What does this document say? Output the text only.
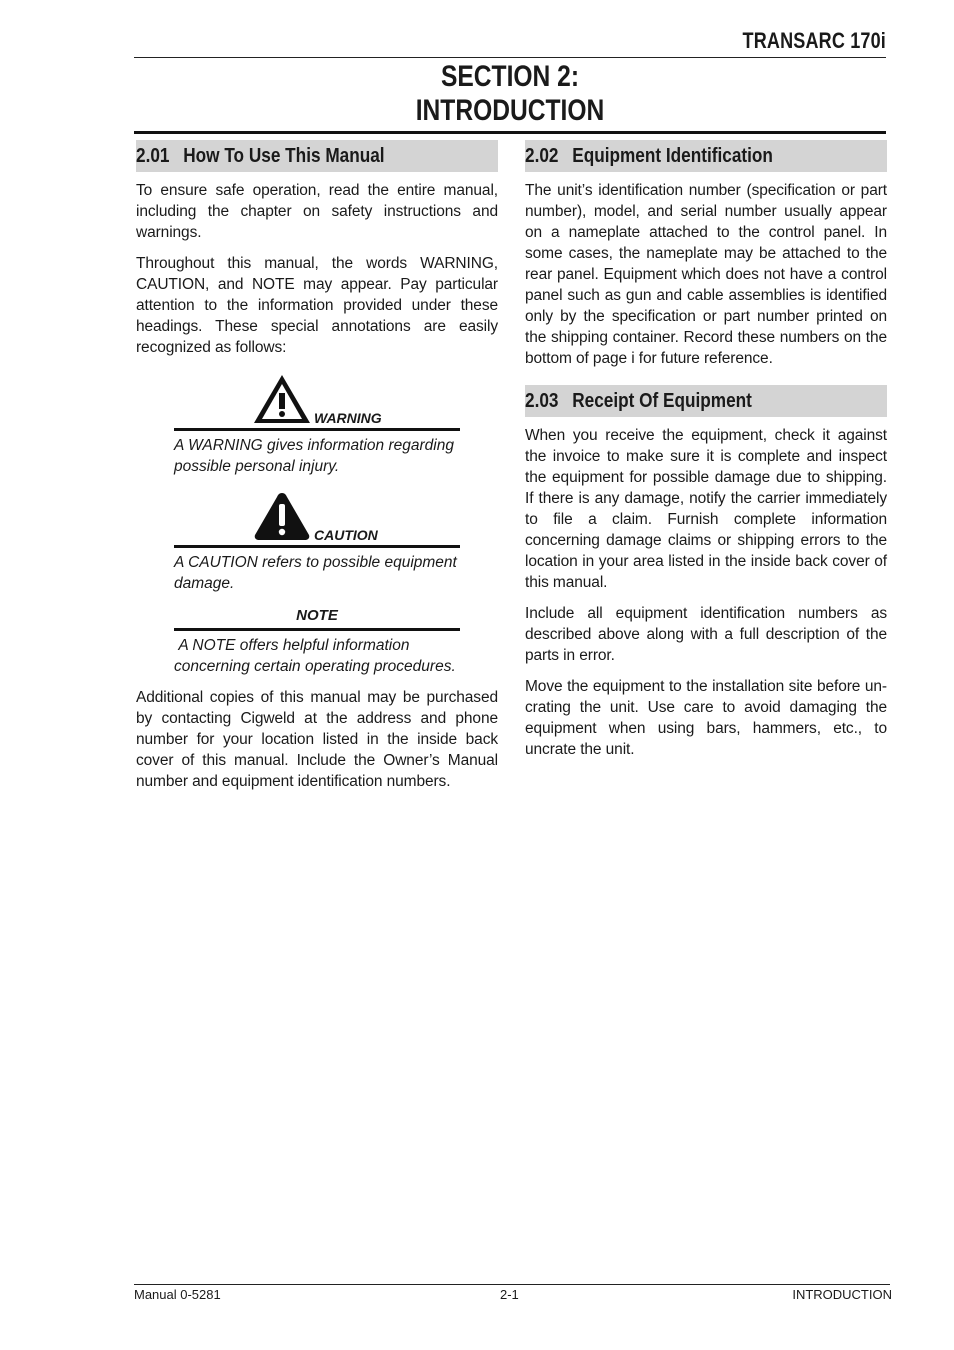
TRANSARC 170i
SECTION 2:
INTRODUCTION
2.01 How To Use This Manual

To ensure safe operation, read the entire manual, including the chapter on safety instructions and warnings.

Throughout this manual, the words WARNING, CAUTION, and NOTE may appear. Pay particular attention to the information provided under these headings. These special annotations are easily recognized as follows:

WARNING
A WARNING gives information regarding possible personal injury.
CAUTION
A CAUTION refers to possible equipment damage.
NOTE
A NOTE offers helpful information concerning certain operating procedures.

Additional copies of this manual may be purchased by contacting Cigweld at the address and phone number for your location listed in the inside back cover of this manual. Include the Owner’s Manual number and equipment identification numbers.

2.02 Equipment Identification

The unit’s identification number (specification or part number), model, and serial number usually appear on a nameplate attached to the control panel. In some cases, the nameplate may be attached to the rear panel. Equipment which does not have a control panel such as gun and cable assemblies is identified only by the specification or part number printed on the shipping container. Record these numbers on the bottom of page i for future reference.

2.03 Receipt Of Equipment

When you receive the equipment, check it against the invoice to make sure it is complete and inspect the equipment for possible damage due to shipping. If there is any damage, notify the carrier immediately to file a claim. Furnish complete information concerning damage claims or shipping errors to the location in your area listed in the inside back cover of this manual.

Include all equipment identification numbers as described above along with a full description of the parts in error.

Move the equipment to the installation site before un-crating the unit. Use care to avoid damaging the equipment when using bars, hammers, etc., to uncrate the unit.

Manual 0-5281	2-1	INTRODUCTION
